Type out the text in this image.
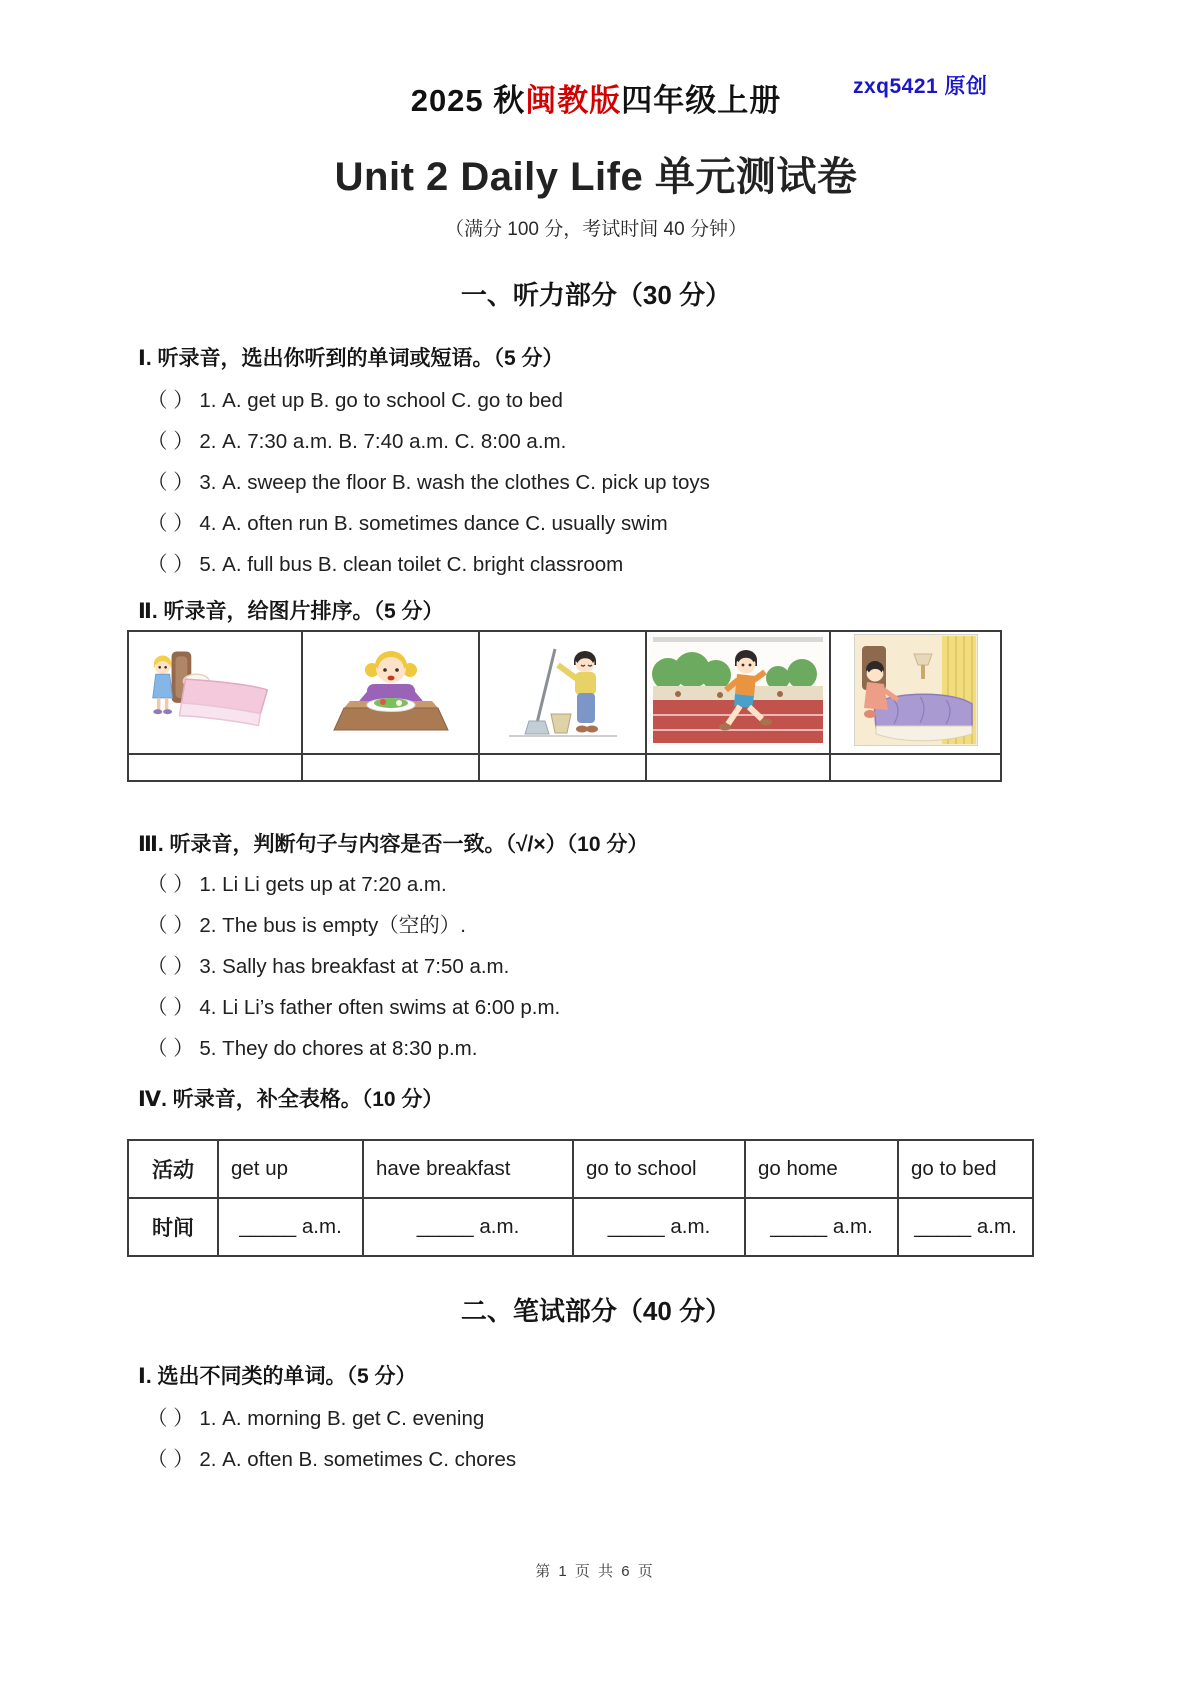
zxq5421 原创
2025 秋闽教版四年级上册
Unit 2 Daily Life 单元测试卷
（满分 100 分，考试时间 40 分钟）
一、听力部分（30 分）
Ⅰ. 听录音，选出你听到的单词或短语。（5 分）
（ ） 1. A. get up B. go to school C. go to bed
（ ） 2. A. 7:30 a.m. B. 7:40 a.m. C. 8:00 a.m.
（ ） 3. A. sweep the floor B. wash the clothes C. pick up toys
（ ） 4. A. often run B. sometimes dance C. usually swim
（ ） 5. A. full bus B. clean toilet C. bright classroom
Ⅱ. 听录音，给图片排序。（5 分）

Ⅲ. 听录音，判断句子与内容是否一致。（√/×）（10 分）
（ ） 1. Li Li gets up at 7:20 a.m.
（ ） 2. The bus is empty（空的）.
（ ） 3. Sally has breakfast at 7:50 a.m.
（ ） 4. Li Li’s father often swims at 6:00 p.m.
（ ） 5. They do chores at 8:30 p.m.
Ⅳ. 听录音，补全表格。（10 分）
活动	get up	have breakfast	go to school	go home	go to bed
时间	_____ a.m.	_____ a.m.	_____ a.m.	_____ a.m.	_____ a.m.
二、笔试部分（40 分）
Ⅰ. 选出不同类的单词。（5 分）
（ ） 1. A. morning B. get C. evening
（ ） 2. A. often B. sometimes C. chores
第 1 页 共 6 页
